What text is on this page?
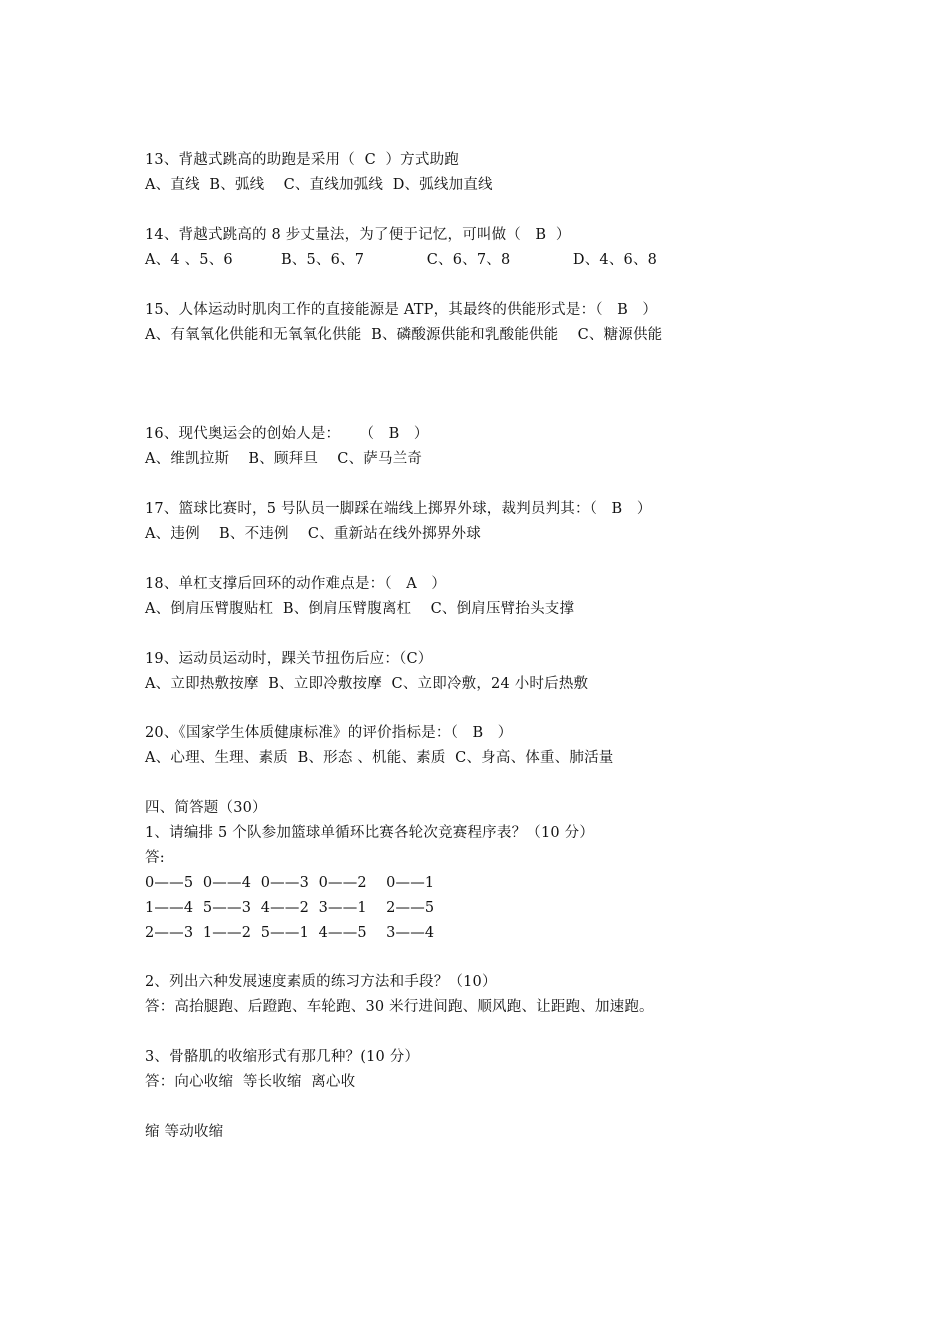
13、背越式跳高的助跑是采用（  C  ）方式助跑
A、直线  B、弧线    C、直线加弧线  D、弧线加直线
14、背越式跳高的 8 步丈量法，为了便于记忆，可叫做（   B  ）
A、4 、5、6          B、5、6、7             C、6、7、8             D、4、6、8
15、人体运动时肌肉工作的直接能源是 ATP，其最终的供能形式是：（   B   ）
A、有氧氧化供能和无氧氧化供能  B、磷酸源供能和乳酸能供能    C、糖源供能
16、现代奥运会的创始人是：    （   B   ）
A、维凯拉斯    B、顾拜旦    C、萨马兰奇
17、篮球比赛时，5 号队员一脚踩在端线上掷界外球，裁判员判其：（   B   ）
A、违例    B、不违例    C、重新站在线外掷界外球
18、单杠支撑后回环的动作难点是：（   A   ）
A、倒肩压臂腹贴杠  B、倒肩压臂腹离杠    C、倒肩压臂抬头支撑
19、运动员运动时，踝关节扭伤后应：（C）
A、立即热敷按摩  B、立即冷敷按摩  C、立即冷敷，24 小时后热敷
20、《国家学生体质健康标准》的评价指标是：（   B   ）
A、心理、生理、素质  B、形态 、机能、素质  C、身高、体重、肺活量
四、简答题（30）
1、请编排 5 个队参加篮球单循环比赛各轮次竞赛程序表？（10 分）
答:
0——5  0——4  0——3  0——2    0——1
1——4  5——3  4——2  3——1    2——5
2——3  1——2  5——1  4——5    3——4
2、列出六种发展速度素质的练习方法和手段？（10）
答：高抬腿跑、后蹬跑、车轮跑、30 米行进间跑、顺风跑、让距跑、加速跑。
3、骨骼肌的收缩形式有那几种？(10 分）
答：向心收缩  等长收缩  离心收
缩 等动收缩
